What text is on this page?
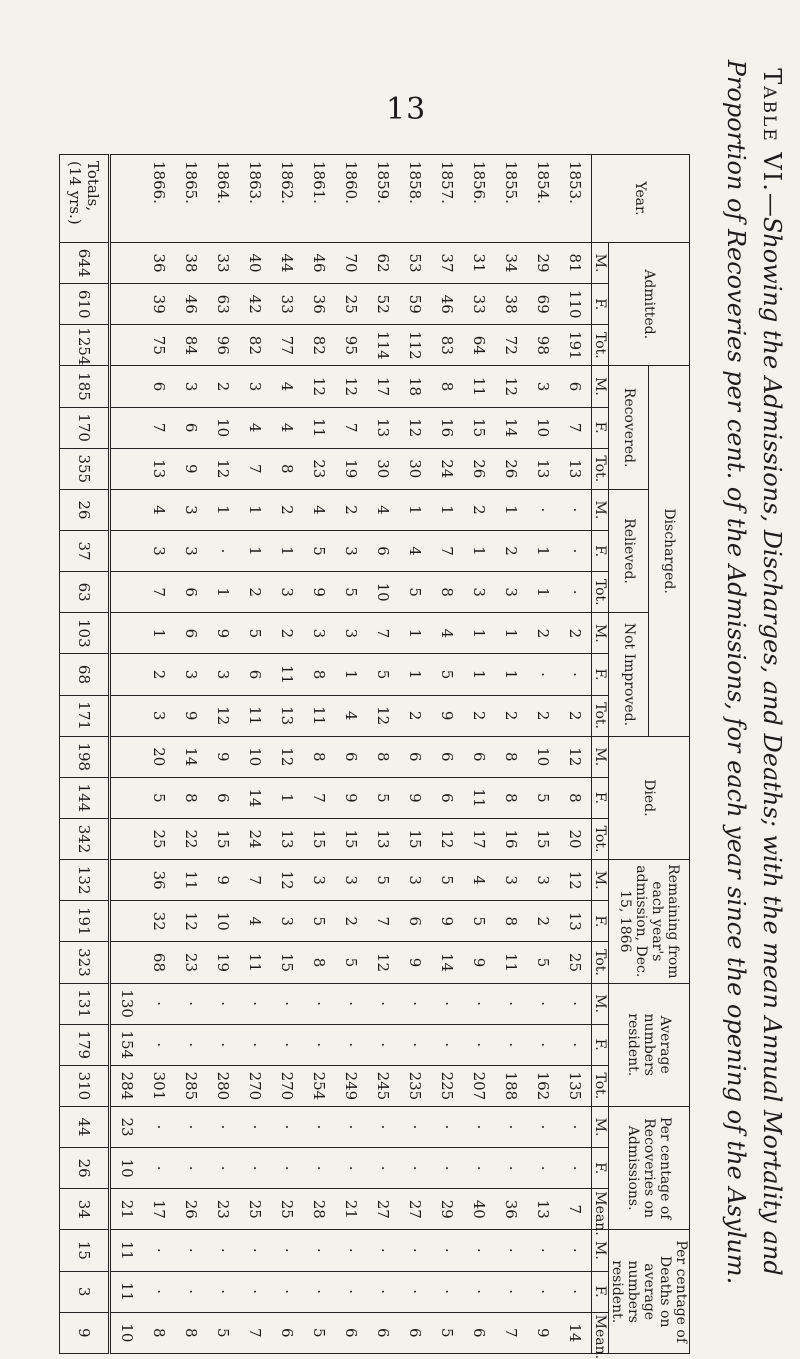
13	Table VI.—Showing the Admissions, Discharges, and Deaths; with the mean Annual Mortality and Proportion of Recoveries per cent. of the Admissions, for each year since the opening of the Asylum.
Year.	Admitted.			Discharged.									Died.			Remaining from each year's admission, Dec. 15, 1866			Average numbers resident.			Per centage of Recoveries on Admissions.			Per centage of Deaths on average numbers resident.		
				Recovered.			Relieved.			Not Improved.																	
	M.	F.	Tot.	M.	F.	Tot.	M.	F.	Tot.	M.	F.	Tot.	M.	F.	Tot.	M.	F.	Tot.	M.	F.	Tot.	M.	F.	Mean.	M.	F.	Mean.
1853.	81	110	191	6	7	13	·	·	·	2	·	2	12	8	20	12	13	25	·	·	135	·	·	7	·	·	14
1854.	29	69	98	3	10	13	·	1	1	2	·	2	10	5	15	3	2	5	·	·	162	·	·	13	·	·	9
1855.	34	38	72	12	14	26	1	2	3	1	1	2	8	8	16	3	8	11	·	·	188	·	·	36	·	·	7
1856.	31	33	64	11	15	26	2	1	3	1	1	2	6	11	17	4	5	9	·	·	207	·	·	40	·	·	6
1857.	37	46	83	8	16	24	1	7	8	4	5	9	6	6	12	5	9	14	·	·	225	·	·	29	·	·	5
1858.	53	59	112	18	12	30	1	4	5	1	1	2	6	9	15	3	6	9	·	·	235	·	·	27	·	·	6
1859.	62	52	114	17	13	30	4	6	10	7	5	12	8	5	13	5	7	12	·	·	245	·	·	27	·	·	6
1860.	70	25	95	12	7	19	2	3	5	3	1	4	6	9	15	3	2	5	·	·	249	·	·	21	·	·	6
1861.	46	36	82	12	11	23	4	5	9	3	8	11	8	7	15	3	5	8	·	·	254	·	·	28	·	·	5
1862.	44	33	77	4	4	8	2	1	3	2	11	13	12	1	13	12	3	15	·	·	270	·	·	25	·	·	6
1863.	40	42	82	3	4	7	1	1	2	5	6	11	10	14	24	7	4	11	·	·	270	·	·	25	·	·	7
1864.	33	63	96	2	10	12	1	·	1	9	3	12	9	6	15	9	10	19	·	·	280	·	·	23	·	·	5
1865.	38	46	84	3	6	9	3	3	6	6	3	9	14	8	22	11	12	23	·	·	285	·	·	26	·	·	8
1866.	36	39	75	6	7	13	4	3	7	1	2	3	20	5	25	36	32	68	·	·	301	·	·	17	·	·	8
																			130	154	284	23	10	21	11	11	10
Totals, (14 yrs.)	644	610	1254	185	170	355	26	37	63	103	68	171	198	144	342	132	191	323	131	179	310	44	26	34	15	3	9
